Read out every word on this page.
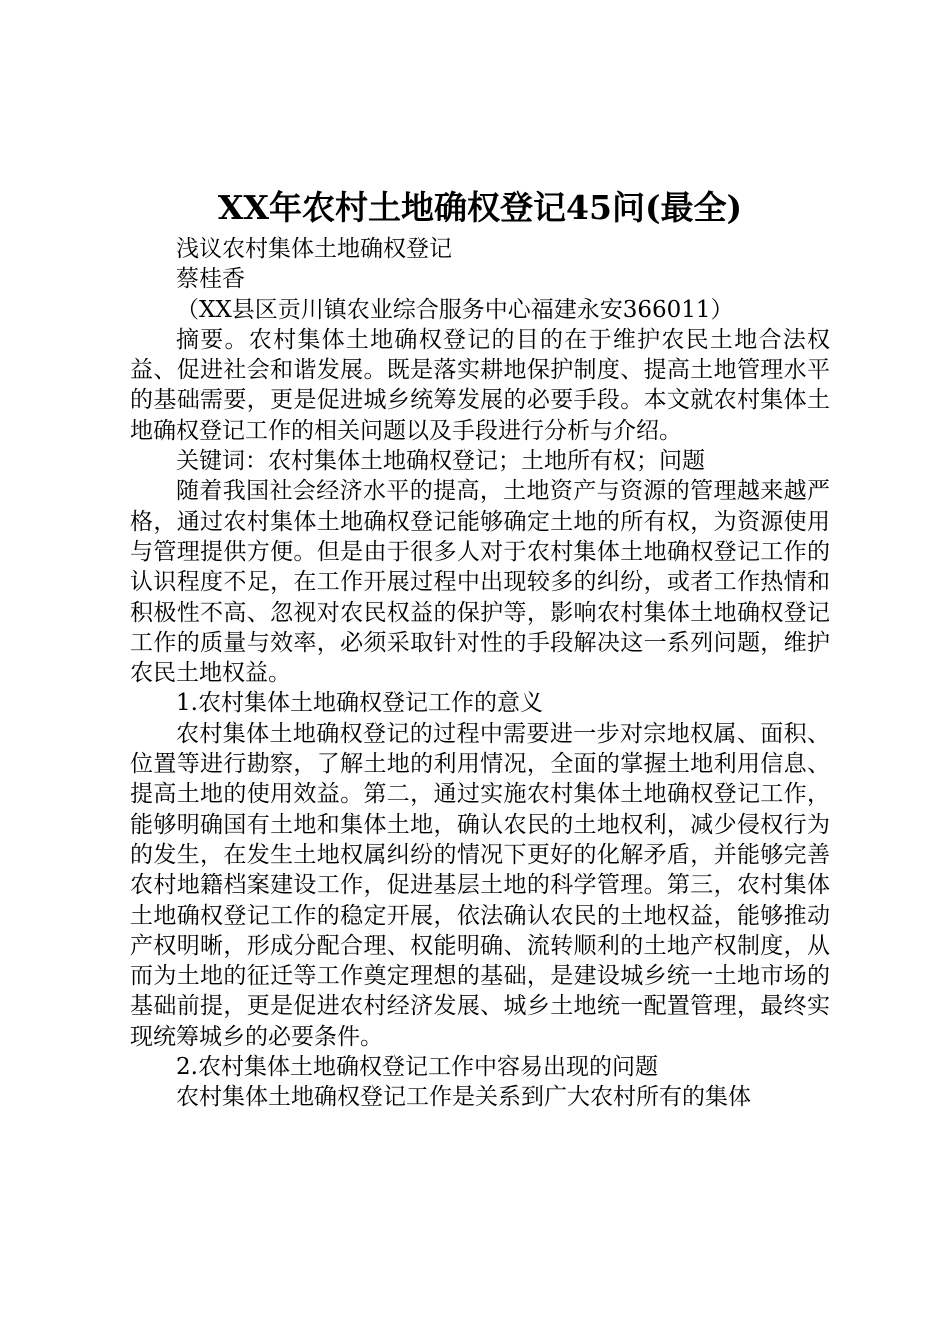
XX年农村土地确权登记45问(最全)

浅议农村集体土地确权登记

蔡桂香

（XX县区贡川镇农业综合服务中心福建永安366011）

摘要。农村集体土地确权登记的目的在于维护农民土地合法权益、促进社会和谐发展。既是落实耕地保护制度、提高土地管理水平的基础需要，更是促进城乡统筹发展的必要手段。本文就农村集体土地确权登记工作的相关问题以及手段进行分析与介绍。

关键词：农村集体土地确权登记；土地所有权；问题

随着我国社会经济水平的提高，土地资产与资源的管理越来越严格，通过农村集体土地确权登记能够确定土地的所有权，为资源使用与管理提供方便。但是由于很多人对于农村集体土地确权登记工作的认识程度不足，在工作开展过程中出现较多的纠纷，或者工作热情和积极性不高、忽视对农民权益的保护等，影响农村集体土地确权登记工作的质量与效率，必须采取针对性的手段解决这一系列问题，维护农民土地权益。

1.农村集体土地确权登记工作的意义

农村集体土地确权登记的过程中需要进一步对宗地权属、面积、位置等进行勘察，了解土地的利用情况，全面的掌握土地利用信息、提高土地的使用效益。第二，通过实施农村集体土地确权登记工作，能够明确国有土地和集体土地，确认农民的土地权利，减少侵权行为的发生，在发生土地权属纠纷的情况下更好的化解矛盾，并能够完善农村地籍档案建设工作，促进基层土地的科学管理。第三，农村集体土地确权登记工作的稳定开展，依法确认农民的土地权益，能够推动产权明晰，形成分配合理、权能明确、流转顺利的土地产权制度，从而为土地的征迁等工作奠定理想的基础，是建设城乡统一土地市场的基础前提，更是促进农村经济发展、城乡土地统一配置管理，最终实现统筹城乡的必要条件。

2.农村集体土地确权登记工作中容易出现的问题

农村集体土地确权登记工作是关系到广大农村所有的集体
